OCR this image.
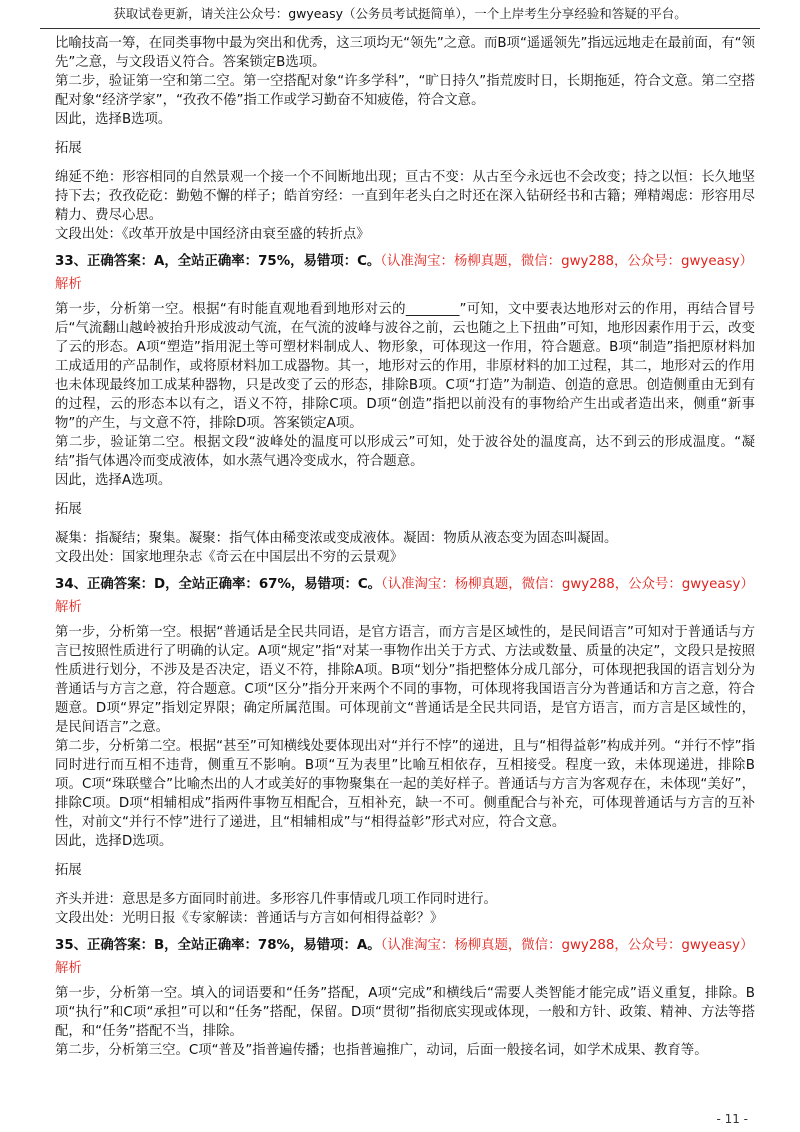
获取试卷更新，请关注公众号：gwyeasy（公务员考试挺简单），一个上岸考生分享经验和答疑的平台。

比喻技高一筹，在同类事物中最为突出和优秀，这三项均无“领先”之意。而B项“遥遥领先”指远远地走在最前面，有“领先”之意，与文段语义符合。答案锁定B选项。

第二步，验证第一空和第二空。第一空搭配对象“许多学科”，“旷日持久”指荒废时日，长期拖延，符合文意。第二空搭配对象“经济学家”，“孜孜不倦”指工作或学习勤奋不知疲倦，符合文意。

因此，选择B选项。

拓展

绵延不绝：形容相同的自然景观一个接一个不间断地出现；亘古不变：从古至今永远也不会改变；持之以恒：长久地坚持下去；孜孜矻矻：勤勉不懈的样子；皓首穷经：一直到年老头白之时还在深入钻研经书和古籍；殚精竭虑：形容用尽精力、费尽心思。

文段出处：《改革开放是中国经济由衰至盛的转折点》

33、正确答案：A，全站正确率：75%，易错项：C。（认准淘宝：杨柳真题，微信：gwy288，公众号：gwyeasy）

解析

第一步，分析第一空。根据“有时能直观地看到地形对云的________”可知，文中要表达地形对云的作用，再结合冒号后“气流翻山越岭被抬升形成波动气流，在气流的波峰与波谷之前，云也随之上下扭曲”可知，地形因素作用于云，改变了云的形态。A项“塑造”指用泥土等可塑材料制成人、物形象，可体现这一作用，符合题意。B项“制造”指把原材料加工成适用的产品制作，或将原材料加工成器物。其一，地形对云的作用，非原材料的加工过程，其二，地形对云的作用也未体现最终加工成某种器物，只是改变了云的形态，排除B项。C项“打造”为制造、创造的意思。创造侧重由无到有的过程，云的形态本以有之，语义不符，排除C项。D项“创造”指把以前没有的事物给产生出或者造出来，侧重“新事物”的产生，与文意不符，排除D项。答案锁定A项。

第二步，验证第二空。根据文段“波峰处的温度可以形成云”可知，处于波谷处的温度高，达不到云的形成温度。“凝结”指气体遇冷而变成液体，如水蒸气遇冷变成水，符合题意。

因此，选择A选项。

拓展

凝集：指凝结；聚集。凝聚：指气体由稀变浓或变成液体。凝固：物质从液态变为固态叫凝固。

文段出处：国家地理杂志《奇云在中国层出不穷的云景观》

34、正确答案：D，全站正确率：67%，易错项：C。（认准淘宝：杨柳真题，微信：gwy288，公众号：gwyeasy）

解析

第一步，分析第一空。根据“普通话是全民共同语，是官方语言，而方言是区域性的，是民间语言”可知对于普通话与方言已按照性质进行了明确的认定。A项“规定”指“对某一事物作出关于方式、方法或数量、质量的决定”，文段只是按照性质进行划分，不涉及是否决定，语义不符，排除A项。B项“划分”指把整体分成几部分，可体现把我国的语言划分为普通话与方言之意，符合题意。C项“区分”指分开来两个不同的事物，可体现将我国语言分为普通话和方言之意，符合题意。D项“界定”指划定界限；确定所属范围。可体现前文“普通话是全民共同语，是官方语言，而方言是区域性的，是民间语言”之意。

第二步，分析第二空。根据“甚至”可知横线处要体现出对“并行不悖”的递进，且与“相得益彰”构成并列。“并行不悖”指同时进行而互相不违背，侧重互不影响。B项“互为表里”比喻互相依存，互相接受。程度一致，未体现递进，排除B项。C项“珠联璧合”比喻杰出的人才或美好的事物聚集在一起的美好样子。普通话与方言为客观存在，未体现“美好”，排除C项。D项“相辅相成”指两件事物互相配合，互相补充，缺一不可。侧重配合与补充，可体现普通话与方言的互补性，对前文“并行不悖”进行了递进，且“相辅相成”与“相得益彰”形式对应，符合文意。

因此，选择D选项。

拓展

齐头并进：意思是多方面同时前进。多形容几件事情或几项工作同时进行。

文段出处：光明日报《专家解读：普通话与方言如何相得益彰？》

35、正确答案：B，全站正确率：78%，易错项：A。（认准淘宝：杨柳真题，微信：gwy288，公众号：gwyeasy）

解析

第一步，分析第一空。填入的词语要和“任务”搭配，A项“完成”和横线后“需要人类智能才能完成”语义重复，排除。B项“执行”和C项“承担”可以和“任务”搭配，保留。D项“贯彻”指彻底实现或体现，一般和方针、政策、精神、方法等搭配，和“任务”搭配不当，排除。

第二步，分析第三空。C项“普及”指普遍传播；也指普遍推广，动词，后面一般接名词，如学术成果、教育等。

- 11 -
